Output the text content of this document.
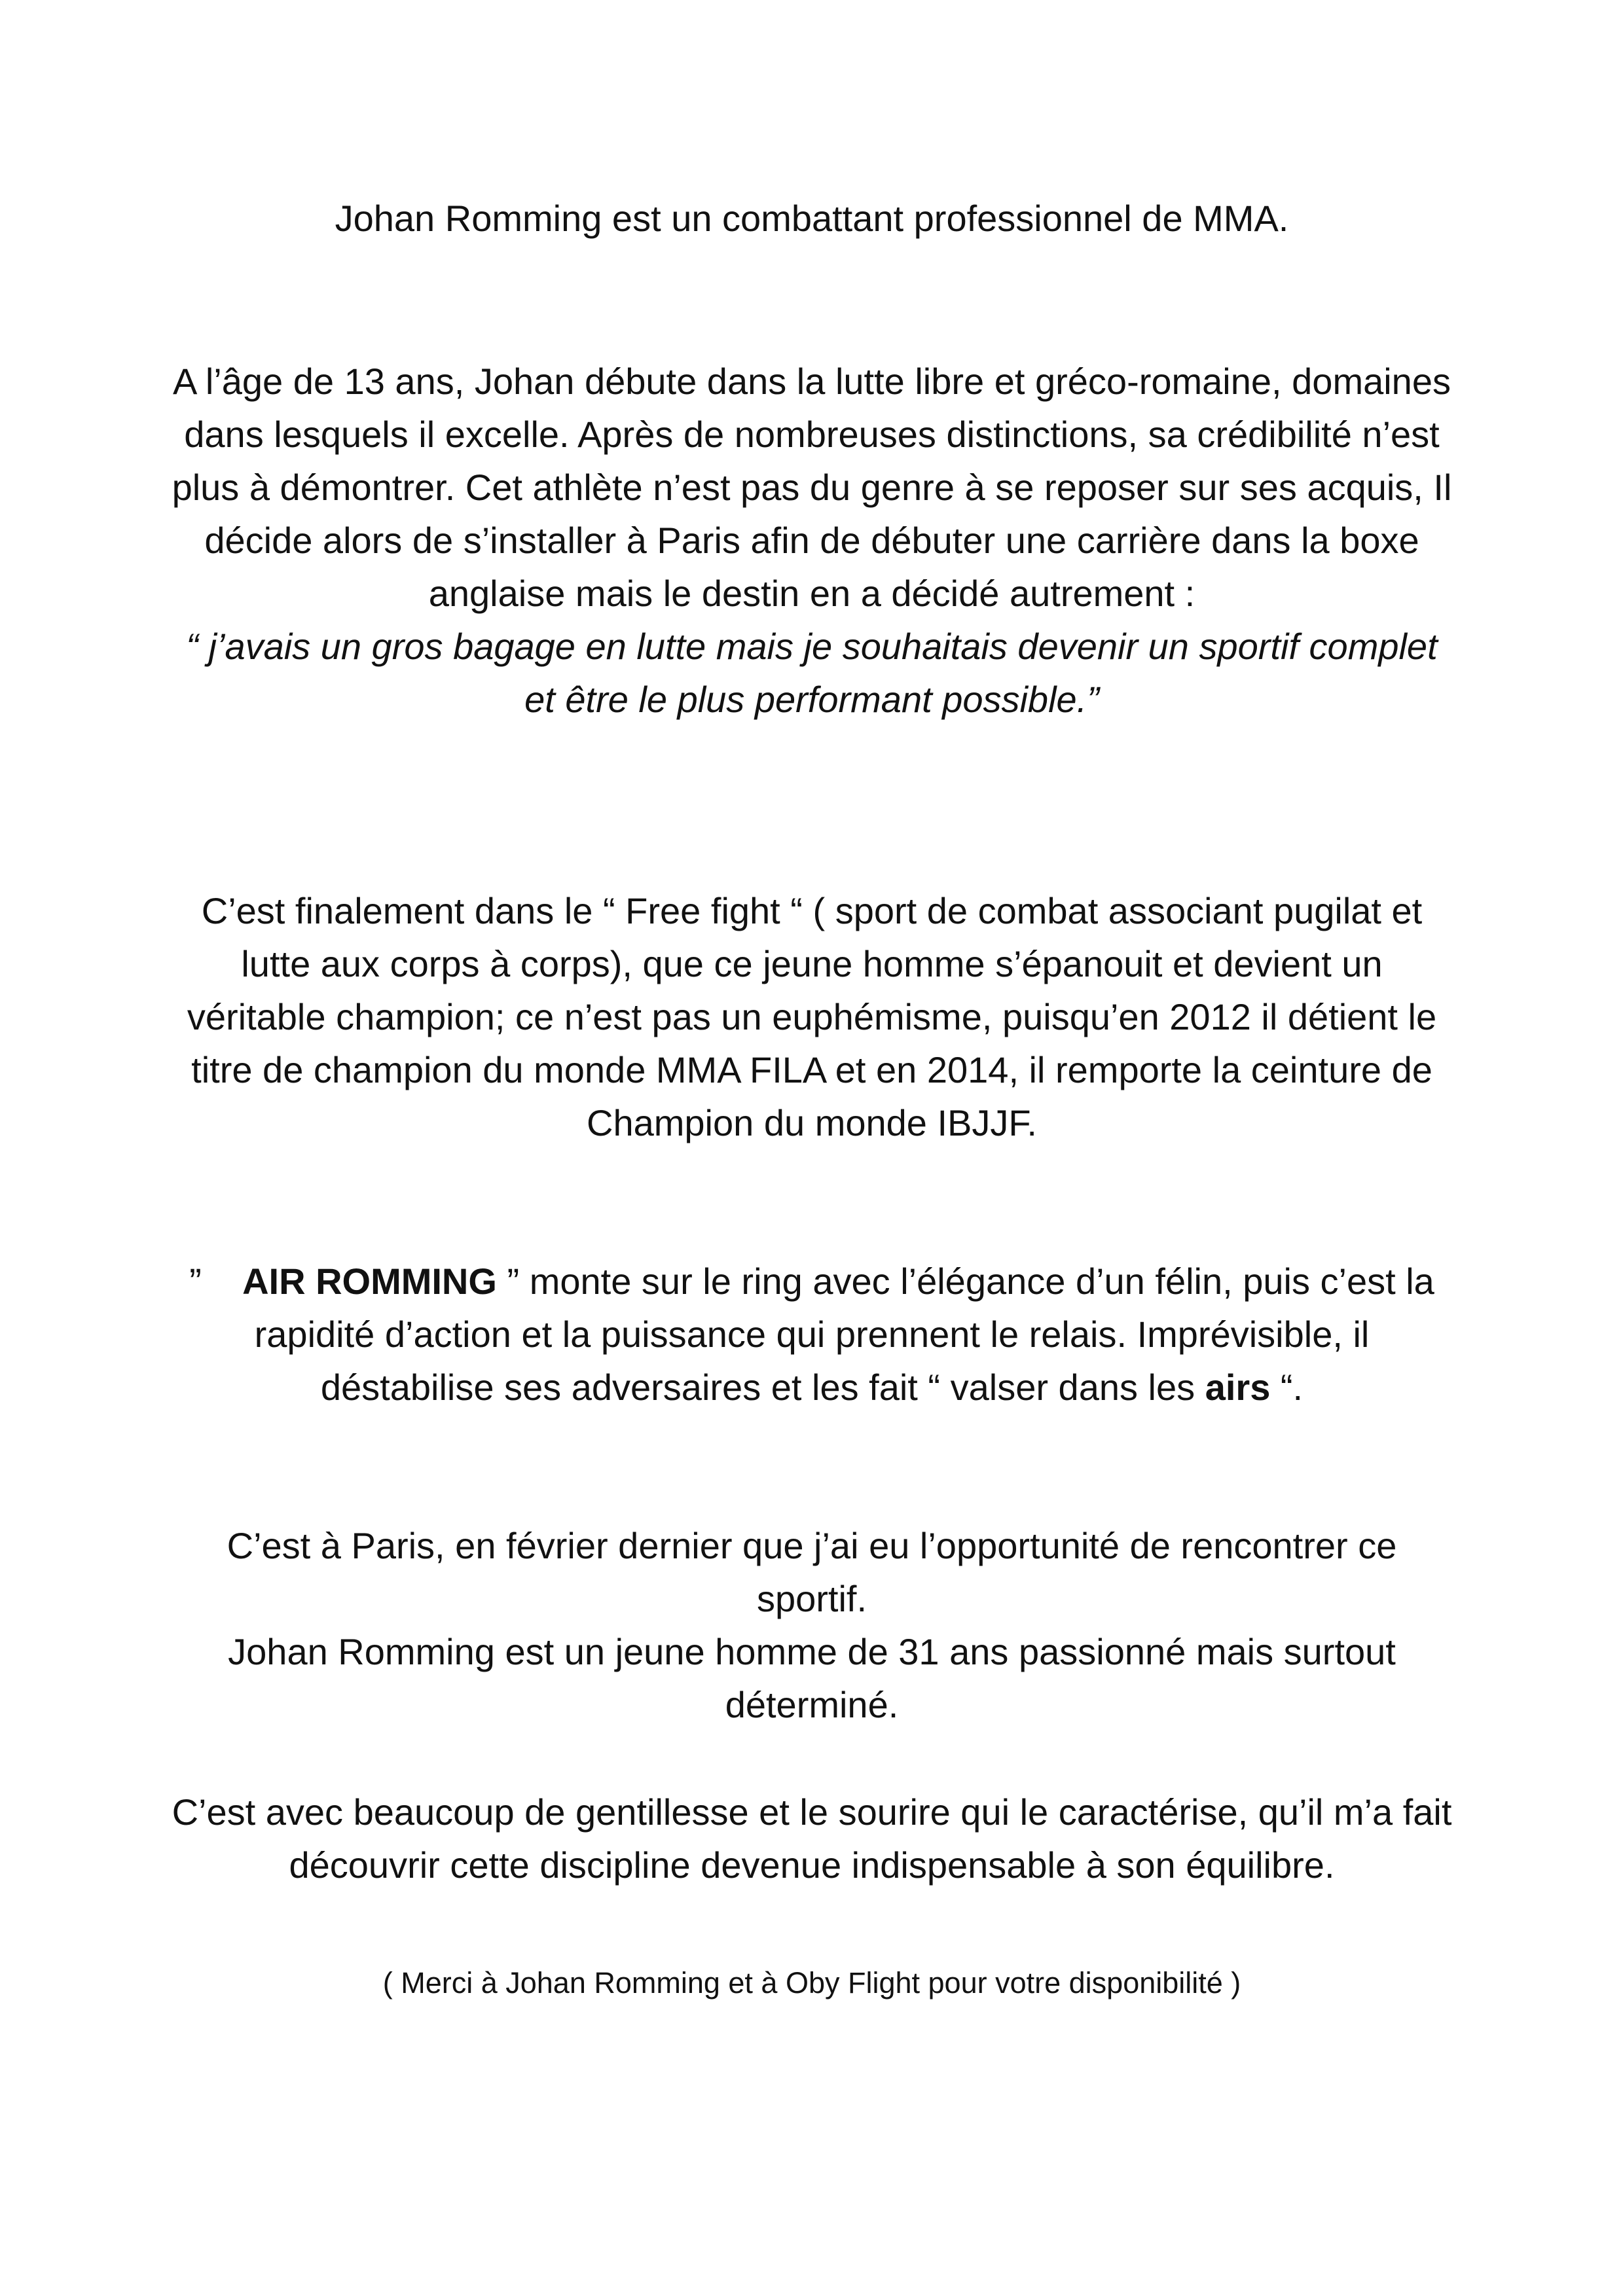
Johan Romming est un combattant professionnel de MMA.

A l’âge de 13 ans, Johan débute dans la lutte libre et gréco-romaine, domaines dans lesquels il excelle. Après de nombreuses distinctions, sa crédibilité n’est plus à démontrer. Cet athlète n’est pas du genre à se reposer sur ses acquis, Il décide alors de s’installer à Paris afin de débuter une carrière dans la boxe anglaise mais le destin en a décidé autrement :

“ j’avais un gros bagage en lutte mais je souhaitais devenir un sportif complet et être le plus performant possible.”

C’est finalement dans le “ Free fight “ ( sport de combat associant pugilat et lutte aux corps à corps), que ce jeune homme s’épanouit et devient un véritable champion; ce n’est pas un euphémisme, puisqu’en 2012 il détient le titre de champion du monde MMA FILA et en 2014, il remporte la ceinture de Champion du monde IBJJF.

” AIR ROMMING ” monte sur le ring avec l’élégance d’un félin, puis c’est la rapidité d’action et la puissance qui prennent le relais. Imprévisible, il déstabilise ses adversaires et les fait “ valser dans les airs “.

C’est à Paris, en février dernier que j’ai eu l’opportunité de rencontrer ce sportif.

Johan Romming est un jeune homme de 31 ans passionné mais surtout déterminé.

C’est avec beaucoup de gentillesse et le sourire qui le caractérise, qu’il m’a fait découvrir cette discipline devenue indispensable à son équilibre.

( Merci à Johan Romming et à Oby Flight pour votre disponibilité )
